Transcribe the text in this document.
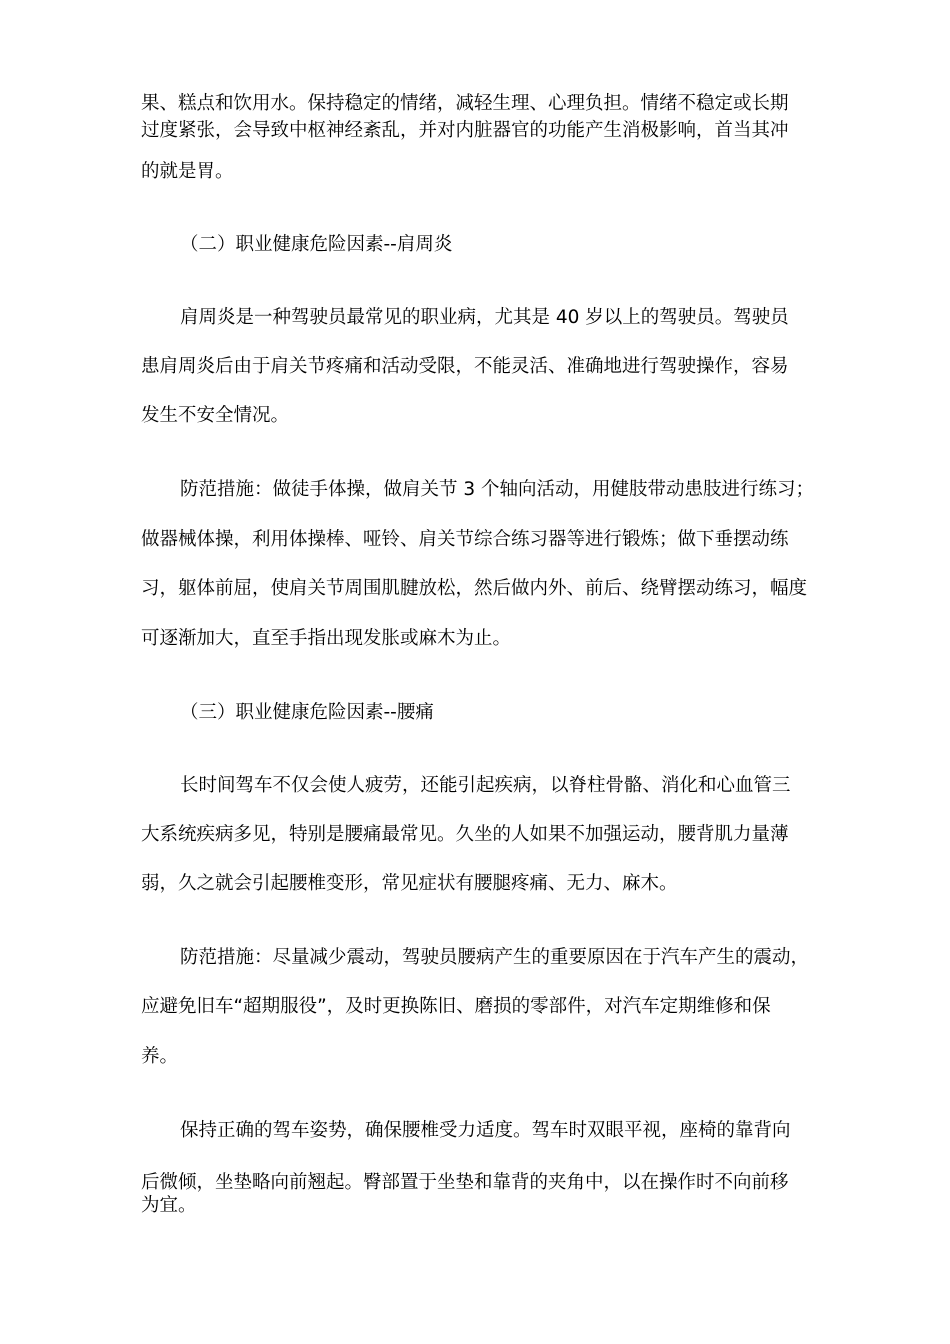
果、糕点和饮用水。保持稳定的情绪，减轻生理、心理负担。情绪不稳定或长期
过度紧张，会导致中枢神经紊乱，并对内脏器官的功能产生消极影响，首当其冲
的就是胃。
（二）职业健康危险因素--肩周炎
肩周炎是一种驾驶员最常见的职业病，尤其是 40 岁以上的驾驶员。驾驶员
患肩周炎后由于肩关节疼痛和活动受限，不能灵活、准确地进行驾驶操作，容易
发生不安全情况。
防范措施：做徒手体操，做肩关节 3 个轴向活动，用健肢带动患肢进行练习；
做器械体操，利用体操棒、哑铃、肩关节综合练习器等进行锻炼；做下垂摆动练
习，躯体前屈，使肩关节周围肌腱放松，然后做内外、前后、绕臂摆动练习，幅度
可逐渐加大，直至手指出现发胀或麻木为止。
（三）职业健康危险因素--腰痛
长时间驾车不仅会使人疲劳，还能引起疾病，以脊柱骨骼、消化和心血管三
大系统疾病多见，特别是腰痛最常见。久坐的人如果不加强运动，腰背肌力量薄
弱，久之就会引起腰椎变形，常见症状有腰腿疼痛、无力、麻木。
防范措施：尽量减少震动，驾驶员腰病产生的重要原因在于汽车产生的震动，
应避免旧车“超期服役”，及时更换陈旧、磨损的零部件，对汽车定期维修和保
养。
保持正确的驾车姿势，确保腰椎受力适度。驾车时双眼平视，座椅的靠背向
后微倾，坐垫略向前翘起。臀部置于坐垫和靠背的夹角中，以在操作时不向前移
为宜。
